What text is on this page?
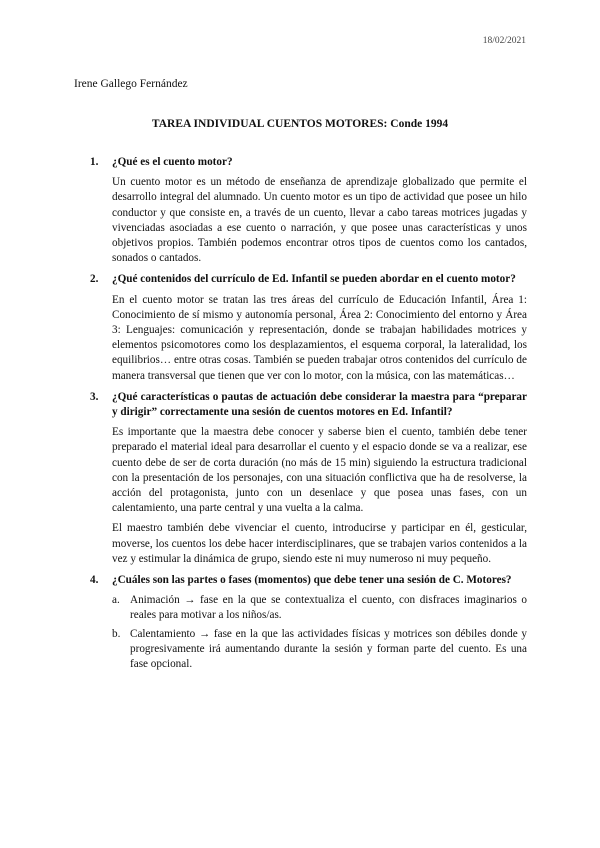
18/02/2021
Irene Gallego Fernández
TAREA INDIVIDUAL CUENTOS MOTORES: Conde 1994
1.	¿Qué es el cuento motor?

Un cuento motor es un método de enseñanza de aprendizaje globalizado que permite el desarrollo integral del alumnado. Un cuento motor es un tipo de actividad que posee un hilo conductor y que consiste en, a través de un cuento, llevar a cabo tareas motrices jugadas y vivenciadas asociadas a ese cuento o narración, y que posee unas características y unos objetivos propios. También podemos encontrar otros tipos de cuentos como los cantados, sonados o cantados.

2.	¿Qué contenidos del currículo de Ed. Infantil se pueden abordar en el cuento motor?

En el cuento motor se tratan las tres áreas del currículo de Educación Infantil, Área 1: Conocimiento de sí mismo y autonomía personal, Área 2: Conocimiento del entorno y Área 3: Lenguajes: comunicación y representación, donde se trabajan habilidades motrices y elementos psicomotores como los desplazamientos, el esquema corporal, la lateralidad, los equilibrios… entre otras cosas. También se pueden trabajar otros contenidos del currículo de manera transversal que tienen que ver con lo motor, con la música, con las matemáticas…

3.	¿Qué características o pautas de actuación debe considerar la maestra para “preparar y dirigir” correctamente una sesión de cuentos motores en Ed. Infantil?

Es importante que la maestra debe conocer y saberse bien el cuento, también debe tener preparado el material ideal para desarrollar el cuento y el espacio donde se va a realizar, ese cuento debe de ser de corta duración (no más de 15 min) siguiendo la estructura tradicional con la presentación de los personajes, con una situación conflictiva que ha de resolverse, la acción del protagonista, junto con un desenlace y que posea unas fases, con un calentamiento, una parte central y una vuelta a la calma.

El maestro también debe vivenciar el cuento, introducirse y participar en él, gesticular, moverse, los cuentos los debe hacer interdisciplinares, que se trabajen varios contenidos a la vez y estimular la dinámica de grupo, siendo este ni muy numeroso ni muy pequeño.

4.	¿Cuáles son las partes o fases (momentos) que debe tener una sesión de C. Motores?
a. Animación → fase en la que se contextualiza el cuento, con disfraces imaginarios o reales para motivar a los niños/as.
b. Calentamiento → fase en la que las actividades físicas y motrices son débiles donde y progresivamente irá aumentando durante la sesión y forman parte del cuento. Es una fase opcional.
